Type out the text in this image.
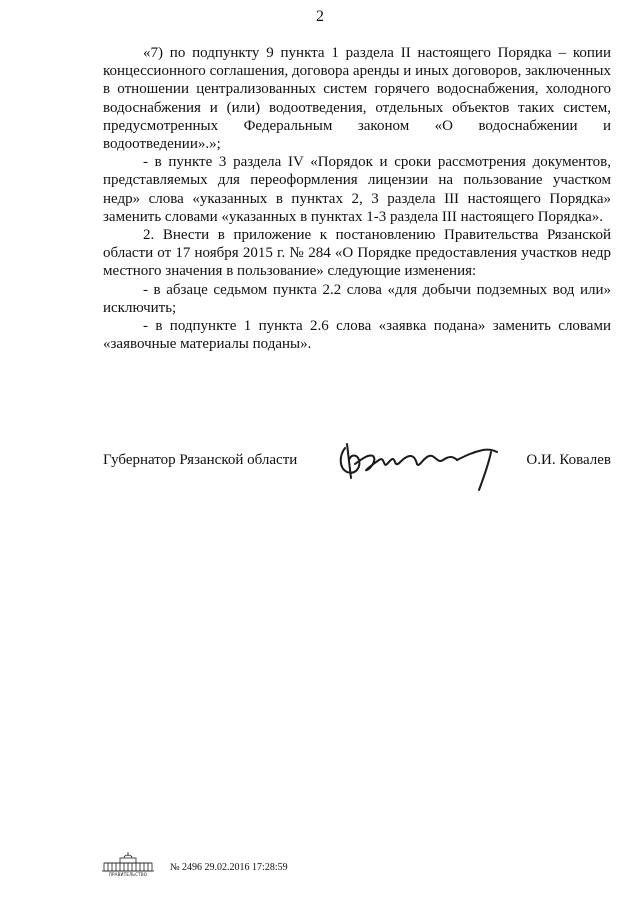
2

«7) по подпункту 9 пункта 1 раздела II настоящего Порядка – копии концессионного соглашения, договора аренды и иных договоров, заключенных в отношении централизованных систем горячего водоснабжения, холодного водоснабжения и (или) водоотведения, отдельных объектов таких систем, предусмотренных Федеральным законом «О водоснабжении и водоотведении».»;

- в пункте 3 раздела IV «Порядок и сроки рассмотрения документов, представляемых для переоформления лицензии на пользование участком недр» слова «указанных в пунктах 2, 3 раздела III настоящего Порядка» заменить словами «указанных в пунктах 1-3 раздела III настоящего Порядка».

2. Внести в приложение к постановлению Правительства Рязанской области от 17 ноября 2015 г. № 284 «О Порядке предоставления участков недр местного значения в пользование» следующие изменения:

- в абзаце седьмом пункта 2.2 слова «для добычи подземных вод или» исключить;

- в подпункте 1 пункта 2.6 слова «заявка подана» заменить словами «заявочные материалы поданы».

Губернатор Рязанской области	О.И. Ковалев
ПРАВИТЕЛЬСТВО
№ 2496 29.02.2016 17:28:59
